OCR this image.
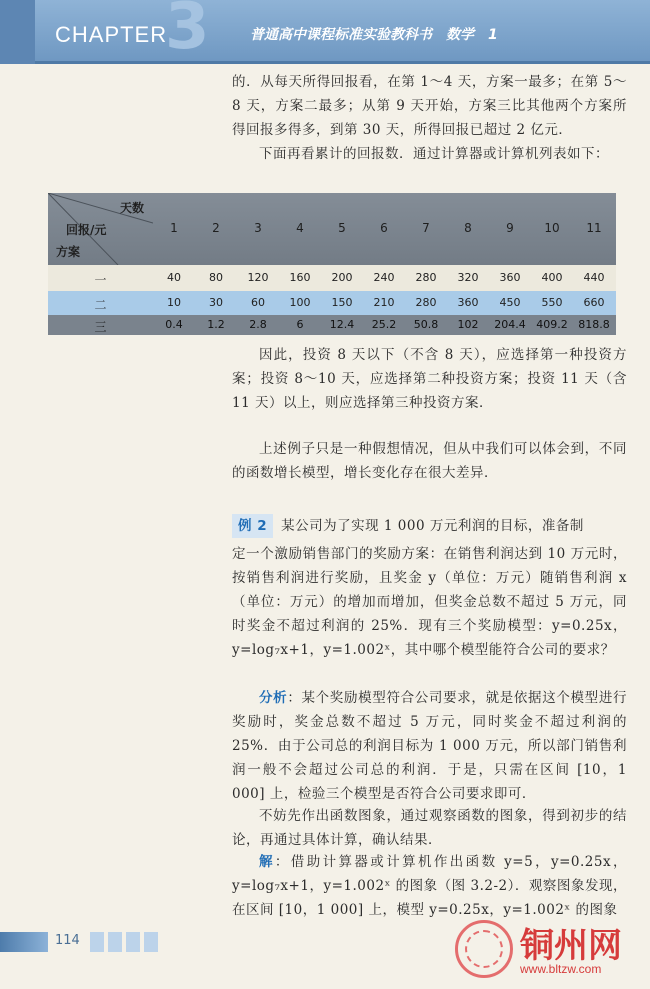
3
CHAPTER	普通高中课程标准实验教科书　数学　1
的．从每天所得回报看，在第 1～4 天，方案一最多；在第 5～8 天，方案二最多；从第 9 天开始，方案三比其他两个方案所得回报多得多，到第 30 天，所得回报已超过 2 亿元．
下面再看累计的回报数．通过计算器或计算机列表如下：
天数
回报/元
方案
1	2	3	4	5	6	7	8	9	10	11
一	40	80	120	160	200	240	280	320	360	400	440
二	10	30	60	100	150	210	280	360	450	550	660
三	0.4	1.2	2.8	6	12.4	25.2	50.8	102	204.4 409.2 818.8
因此，投资 8 天以下（不含 8 天），应选择第一种投资方案；投资 8～10 天，应选择第二种投资方案；投资 11 天（含 11 天）以上，则应选择第三种投资方案．
上述例子只是一种假想情况，但从中我们可以体会到，不同的函数增长模型，增长变化存在很大差异．
例 2 某公司为了实现 1 000 万元利润的目标，准备制
定一个激励销售部门的奖励方案：在销售利润达到 10 万元时，按销售利润进行奖励，且奖金 y（单位：万元）随销售利润 x（单位：万元）的增加而增加，但奖金总数不超过 5 万元，同时奖金不超过利润的 25%．现有三个奖励模型：y=0.25x，y=log₇x+1，y=1.002ˣ，其中哪个模型能符合公司的要求？
分析：某个奖励模型符合公司要求，就是依据这个模型进行奖励时，奖金总数不超过 5 万元，同时奖金不超过利润的 25%．由于公司总的利润目标为 1 000 万元，所以部门销售利润一般不会超过公司总的利润．于是，只需在区间 [10，1 000] 上，检验三个模型是否符合公司要求即可．
不妨先作出函数图象，通过观察函数的图象，得到初步的结论，再通过具体计算，确认结果．
解：借助计算器或计算机作出函数 y=5，y=0.25x，y=log₇x+1，y=1.002ˣ 的图象（图 3.2-2）．观察图象发现，在区间 [10，1 000] 上，模型 y=0.25x，y=1.002ˣ 的图象
114	铜州网
www.bltzw.com
